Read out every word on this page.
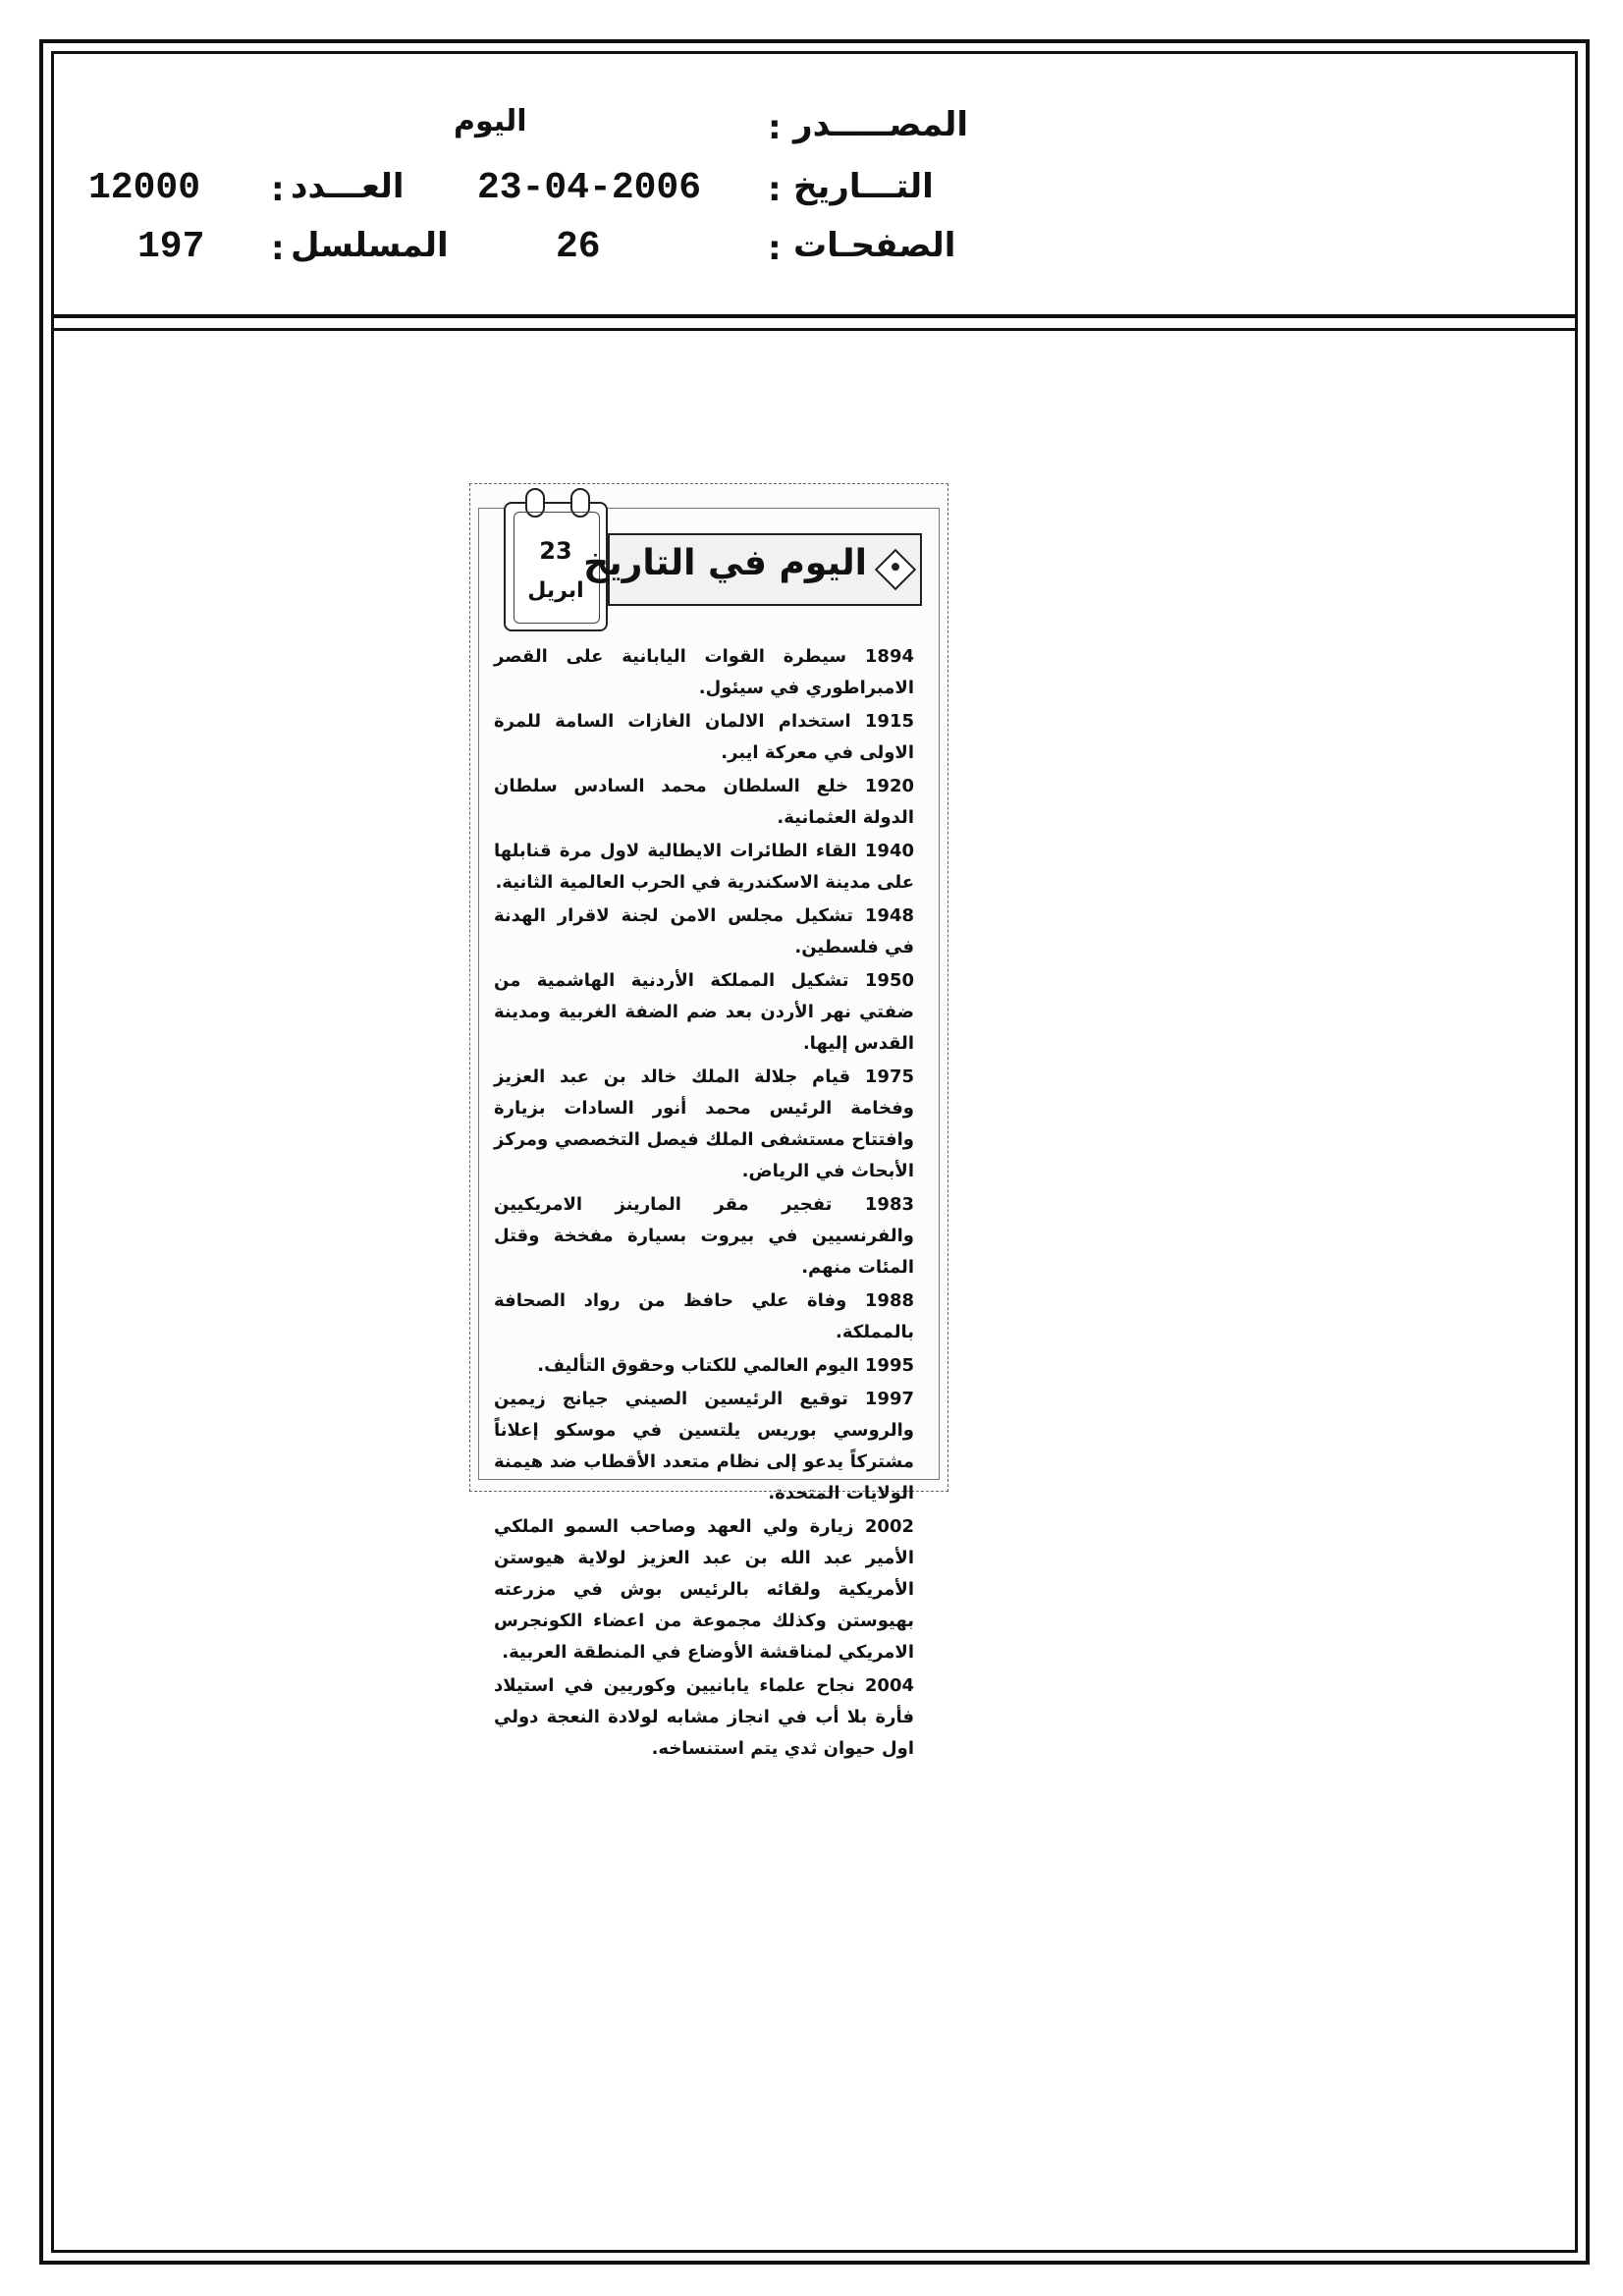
المصـــــدر
:
اليوم
التـــاريخ
:
23-04-2006
العـــدد
:
12000
الصفحـات
:
26
المسلسل
:
197
23
ابريل
اليوم في التاريخ

1894 سيطرة القوات اليابانية على القصر الامبراطوري في سيئول.

1915 استخدام الالمان الغازات السامة للمرة الاولى في معركة ايبر.

1920 خلع السلطان محمد السادس سلطان الدولة العثمانية.

1940 القاء الطائرات الايطالية لاول مرة قنابلها على مدينة الاسكندرية في الحرب العالمية الثانية.

1948 تشكيل مجلس الامن لجنة لاقرار الهدنة في فلسطين.

1950 تشكيل المملكة الأردنية الهاشمية من ضفتي نهر الأردن بعد ضم الضفة الغربية ومدينة القدس إليها.

1975 قيام جلالة الملك خالد بن عبد العزيز وفخامة الرئيس محمد أنور السادات بزيارة وافتتاح مستشفى الملك فيصل التخصصي ومركز الأبحاث في الرياض.

1983 تفجير مقر المارينز الامريكيين والفرنسيين في بيروت بسيارة مفخخة وقتل المئات منهم.

1988 وفاة علي حافظ من رواد الصحافة بالمملكة.

1995 اليوم العالمي للكتاب وحقوق التأليف.

1997 توقيع الرئيسين الصيني جيانج زيمين والروسي بوريس يلتسين في موسكو إعلاناً مشتركاً يدعو إلى نظام متعدد الأقطاب ضد هيمنة الولايات المتحدة.

2002 زيارة ولي العهد وصاحب السمو الملكي الأمير عبد الله بن عبد العزيز لولاية هيوستن الأمريكية ولقائه بالرئيس بوش في مزرعته بهيوستن وكذلك مجموعة من اعضاء الكونجرس الامريكي لمناقشة الأوضاع في المنطقة العربية.

2004 نجاح علماء يابانيين وكوريين في استيلاد فأرة بلا أب في انجاز مشابه لولادة النعجة دولي اول حيوان ثدي يتم استنساخه.
